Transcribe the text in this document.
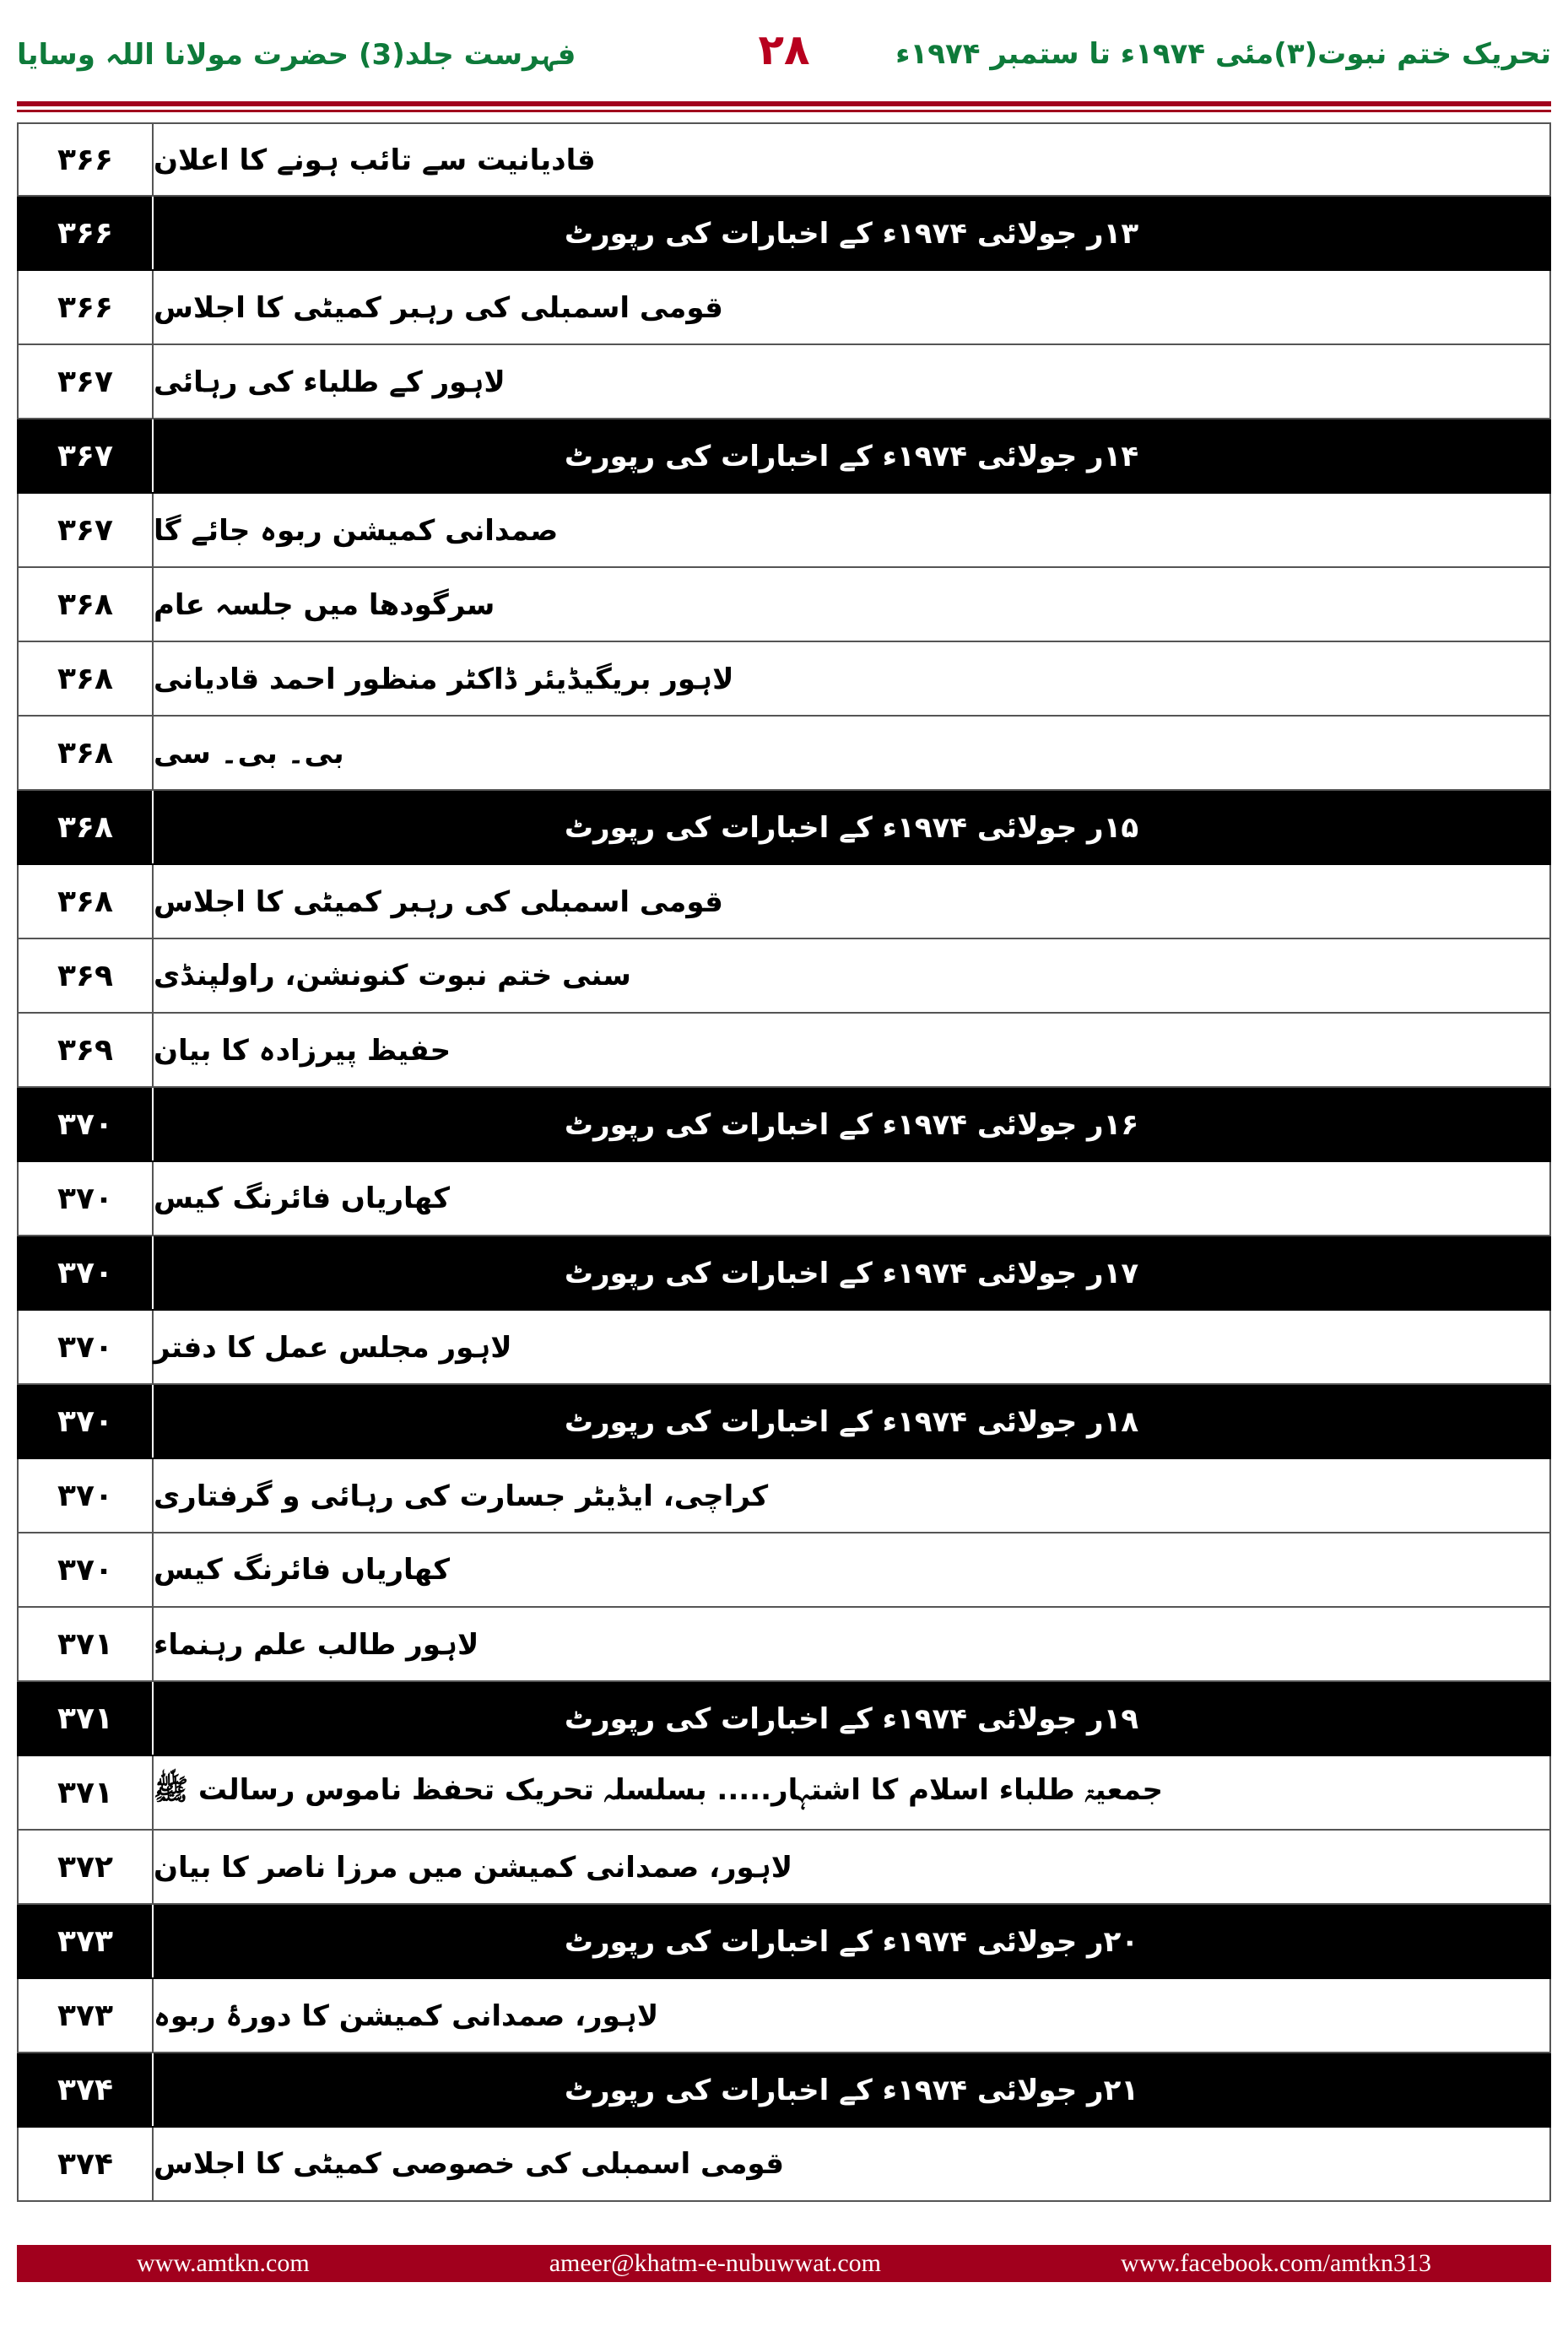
فہرست جلد(3) حضرت مولانا اللہ وسایا	۲۸	تحریک ختم نبوت(۳)مئی ۱۹۷۴ء تا ستمبر ۱۹۷۴ء
۳۶۶	قادیانیت سے تائب ہونے کا اعلان
۳۶۶	۱۳ر جولائی ۱۹۷۴ء کے اخبارات کی رپورٹ
۳۶۶	قومی اسمبلی کی رہبر کمیٹی کا اجلاس
۳۶۷	لاہور کے طلباء کی رہائی
۳۶۷	۱۴ر جولائی ۱۹۷۴ء کے اخبارات کی رپورٹ
۳۶۷	صمدانی کمیشن ربوہ جائے گا
۳۶۸	سرگودھا میں جلسہ عام
۳۶۸	لاہور بریگیڈیئر ڈاکٹر منظور احمد قادیانی
۳۶۸	بی۔ بی۔ سی
۳۶۸	۱۵ر جولائی ۱۹۷۴ء کے اخبارات کی رپورٹ
۳۶۸	قومی اسمبلی کی رہبر کمیٹی کا اجلاس
۳۶۹	سنی ختم نبوت کنونشن، راولپنڈی
۳۶۹	حفیظ پیرزادہ کا بیان
۳۷۰	۱۶ر جولائی ۱۹۷۴ء کے اخبارات کی رپورٹ
۳۷۰	کھاریاں فائرنگ کیس
۳۷۰	۱۷ر جولائی ۱۹۷۴ء کے اخبارات کی رپورٹ
۳۷۰	لاہور مجلس عمل کا دفتر
۳۷۰	۱۸ر جولائی ۱۹۷۴ء کے اخبارات کی رپورٹ
۳۷۰	کراچی، ایڈیٹر جسارت کی رہائی و گرفتاری
۳۷۰	کھاریاں فائرنگ کیس
۳۷۱	لاہور طالب علم رہنماء
۳۷۱	۱۹ر جولائی ۱۹۷۴ء کے اخبارات کی رپورٹ
۳۷۱	جمعیۃ طلباء اسلام کا اشتہار..... بسلسلہ تحریک تحفظ ناموس رسالت ﷺ
۳۷۲	لاہور، صمدانی کمیشن میں مرزا ناصر کا بیان
۳۷۳	۲۰ر جولائی ۱۹۷۴ء کے اخبارات کی رپورٹ
۳۷۳	لاہور، صمدانی کمیشن کا دورۂ ربوہ
۳۷۴	۲۱ر جولائی ۱۹۷۴ء کے اخبارات کی رپورٹ
۳۷۴	قومی اسمبلی کی خصوصی کمیٹی کا اجلاس
www.amtkn.com	ameer@khatm-e-nubuwwat.com	www.facebook.com/amtkn313
